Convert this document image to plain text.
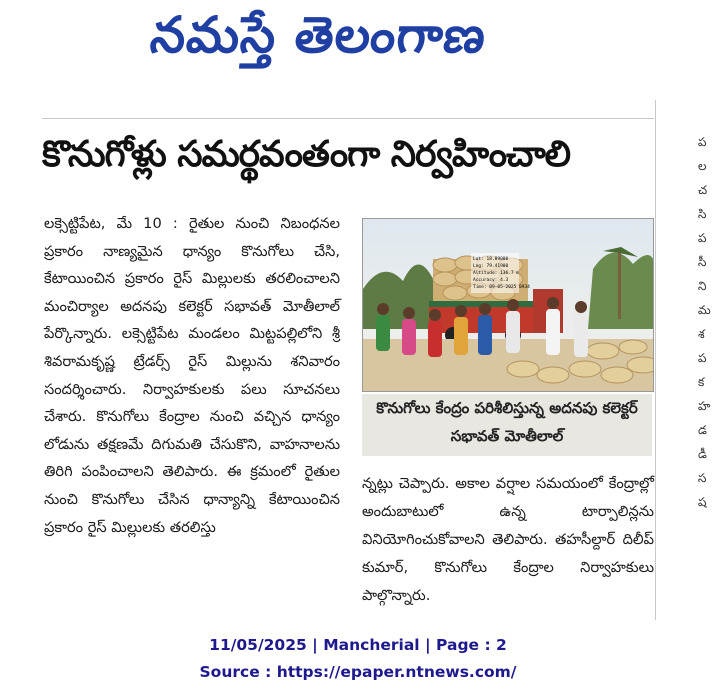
నమస్తే తెలంగాణ
కొనుగోళ్లు సమర్థవంతంగా నిర్వహించాలి

లక్సెట్టిపేట, మే 10 : రైతుల నుంచి నిబంధనల ప్రకారం నాణ్యమైన ధాన్యం కొనుగోలు చేసి, కేటాయించిన ప్రకారం రైస్ మిల్లులకు తరలించాలని మంచిర్యాల అదనపు కలెక్టర్ సభావత్ మోతీలాల్ పేర్కొన్నారు. లక్సెట్టిపేట మండలం మిట్టపల్లిలోని శ్రీ శివరామకృష్ణ ట్రేడర్స్ రైస్ మిల్లును శనివారం సందర్శించారు. నిర్వాహకులకు పలు సూచనలు చేశారు. కొనుగోలు కేంద్రాల నుంచి వచ్చిన ధాన్యం లోడును తక్షణమే దిగుమతి చేసుకొని, వాహనాలను తిరిగి పంపించాలని తెలిపారు. ఈ క్రమంలో రైతుల నుంచి కొనుగోలు చేసిన ధాన్యాన్ని కేటాయించిన ప్రకారం రైస్ మిల్లులకు తరలిస్తు

Lat: 18.89000
Lng: 79.41900
Altitude: 136.7 m
Accuracy: 4.3
Time: 09-05-2025 0934
కొనుగోలు కేంద్రం పరిశీలిస్తున్న అదనపు కలెక్టర్ సభావత్ మోతీలాల్
న్నట్లు చెప్పారు. అకాల వర్షాల సమయంలో కేంద్రాల్లో అందుబాటులో ఉన్న టార్పాలిన్లను వినియోగించుకోవాలని తెలిపారు. తహసీల్దార్ దిలీప్ కుమార్, కొనుగోలు కేంద్రాల నిర్వాహకులు పాల్గొన్నారు.
ప
ల
చ
సి
ప
సీ
ని
మ
శ
ప
క
హ
డ
డీ
స
ష
11/05/2025 | Mancherial | Page : 2
Source : https://epaper.ntnews.com/
